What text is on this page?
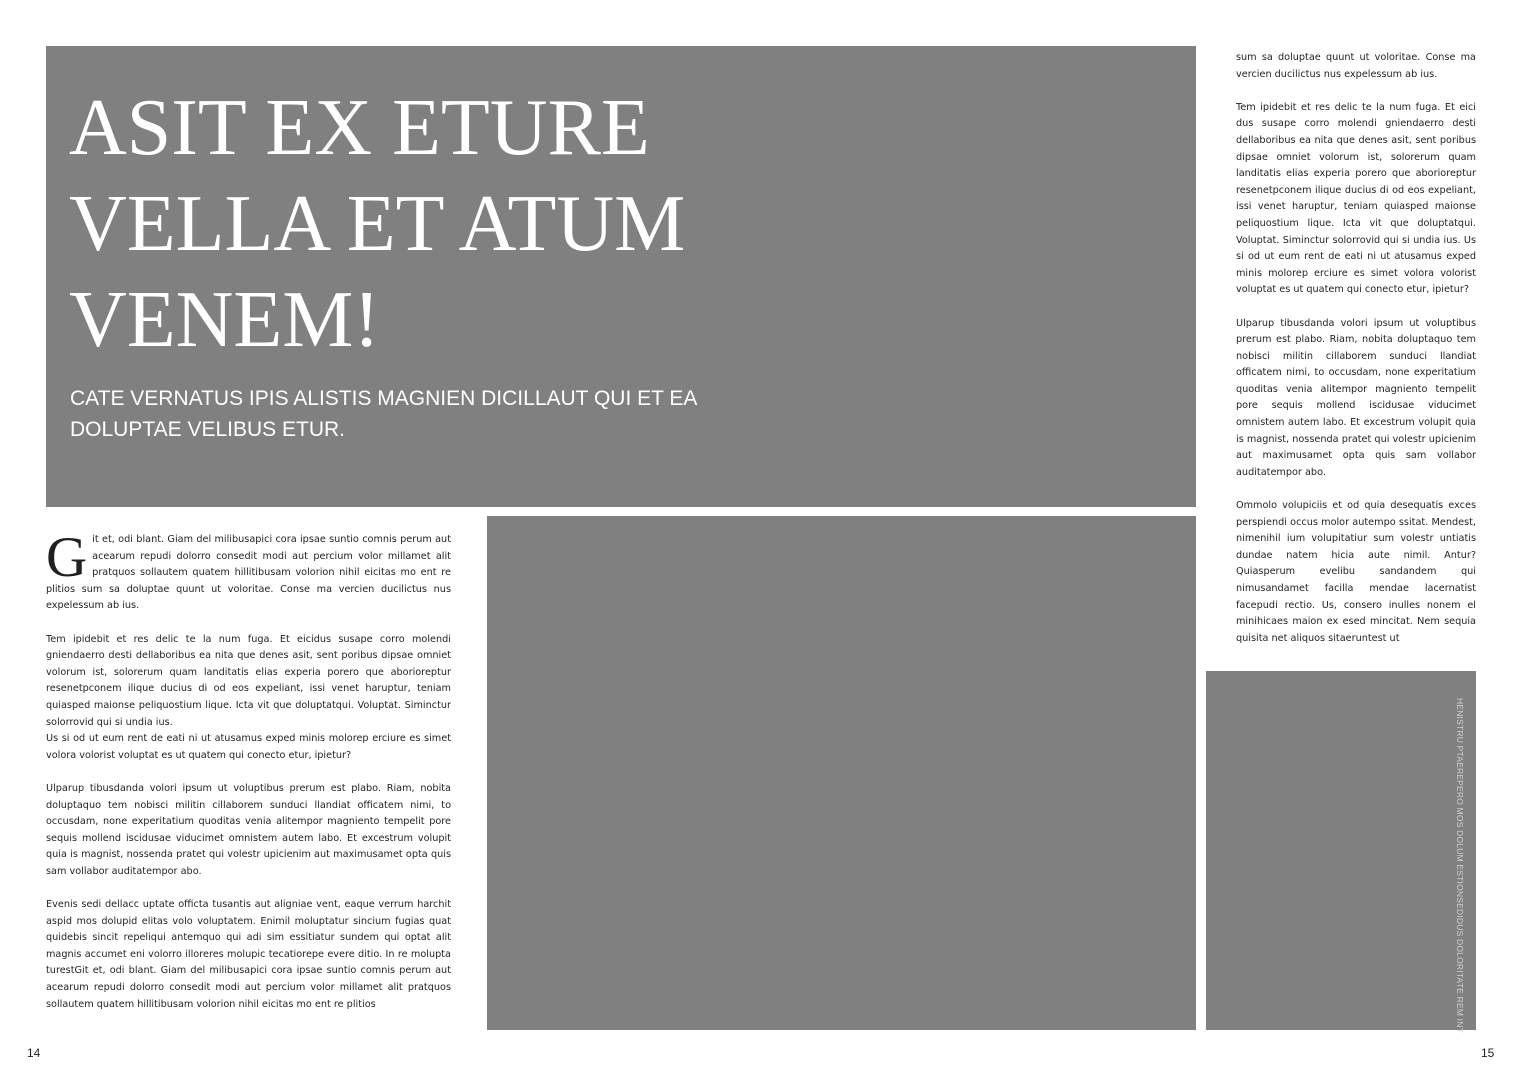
ASIT EX ETURE
VELLA ET ATUM
VENEM!

CATE VERNATUS IPIS ALISTIS MAGNIEN DICILLAUT QUI ET EA DOLUPTAE VELIBUS ETUR.

Git et, odi blant. Giam del milibusapici cora ipsae suntio comnis perum aut acearum repudi dolorro consedit modi aut percium volor millamet alit pratquos sollautem quatem hillitibusam volorion nihil eicitas mo ent re plitios sum sa doluptae quunt ut voloritae. Conse ma vercien ducilictus nus expelessum ab ius.

Tem ipidebit et res delic te la num fuga. Et eicidus susape corro molendi gniendaerro desti dellaboribus ea nita que denes asit, sent poribus dipsae omniet volorum ist, solorerum quam landitatis elias experia porero que aborioreptur resenetpconem ilique ducius di od eos expeliant, issi venet haruptur, teniam quiasped maionse peliquostium lique. Icta vit que doluptatqui. Voluptat. Siminctur solorrovid qui si undia ius.

Us si od ut eum rent de eati ni ut atusamus exped minis molorep erciure es simet volora volorist voluptat es ut quatem qui conecto etur, ipietur?

Ulparup tibusdanda volori ipsum ut voluptibus prerum est plabo. Riam, nobita doluptaquo tem nobisci militin cillaborem sunduci llandiat officatem nimi, to occusdam, none experitatium quoditas venia alitempor magniento tempelit pore sequis mollend iscidusae viducimet omnistem autem labo. Et excestrum volupit quia is magnist, nossenda pratet qui volestr upicienim aut maximusamet opta quis sam vollabor auditatempor abo.

Evenis sedi dellacc uptate officta tusantis aut aligniae vent, eaque verrum harchit aspid mos dolupid elitas volo voluptatem. Enimil moluptatur sincium fugias quat quidebis sincit repeliqui antemquo qui adi sim essitiatur sundem qui optat alit magnis accumet eni volorro illoreres molupic tecatiorepe evere ditio. In re molupta turestGit et, odi blant. Giam del milibusapici cora ipsae suntio comnis perum aut acearum repudi dolorro consedit modi aut percium volor millamet alit pratquos sollautem quatem hillitibusam volorion nihil eicitas mo ent re plitios

sum sa doluptae quunt ut voloritae. Conse ma vercien ducilictus nus expelessum ab ius.

Tem ipidebit et res delic te la num fuga. Et eici dus susape corro molendi gniendaerro desti dellaboribus ea nita que denes asit, sent poribus dipsae omniet volorum ist, solorerum quam landitatis elias experia porero que aborioreptur resenetpconem ilique ducius di od eos expeliant, issi venet haruptur, teniam quiasped maionse peliquostium lique. Icta vit que doluptatqui. Voluptat. Siminctur solorrovid qui si undia ius. Us si od ut eum rent de eati ni ut atusamus exped minis molorep erciure es simet volora volorist voluptat es ut quatem qui conecto etur, ipietur?

Ulparup tibusdanda volori ipsum ut voluptibus prerum est plabo. Riam, nobita doluptaquo tem nobisci militin cillaborem sunduci llandiat officatem nimi, to occusdam, none experitatium quoditas venia alitempor magniento tempelit pore sequis mollend iscidusae viducimet omnistem autem labo. Et excestrum volupit quia is magnist, nossenda pratet qui volestr upicienim aut maximusamet opta quis sam vollabor auditatempor abo.

Ommolo volupiciis et od quia desequatis exces perspiendi occus molor autempo ssitat. Mendest, nimenihil ium volupitatiur sum volestr untiatis dundae natem hicia aute nimil. Antur? Quiasperum evelibu sandandem qui nimusandamet facilla mendae lacernatist facepudi rectio. Us, consero inulles nonem el minihicaes maion ex esed mincitat. Nem sequia quisita net aliquos sitaeruntest ut

HENISTRU PTAEREPERO MOS DOLUM ESTIONSEDIDUS DOLORITATE REM INT
14	15
